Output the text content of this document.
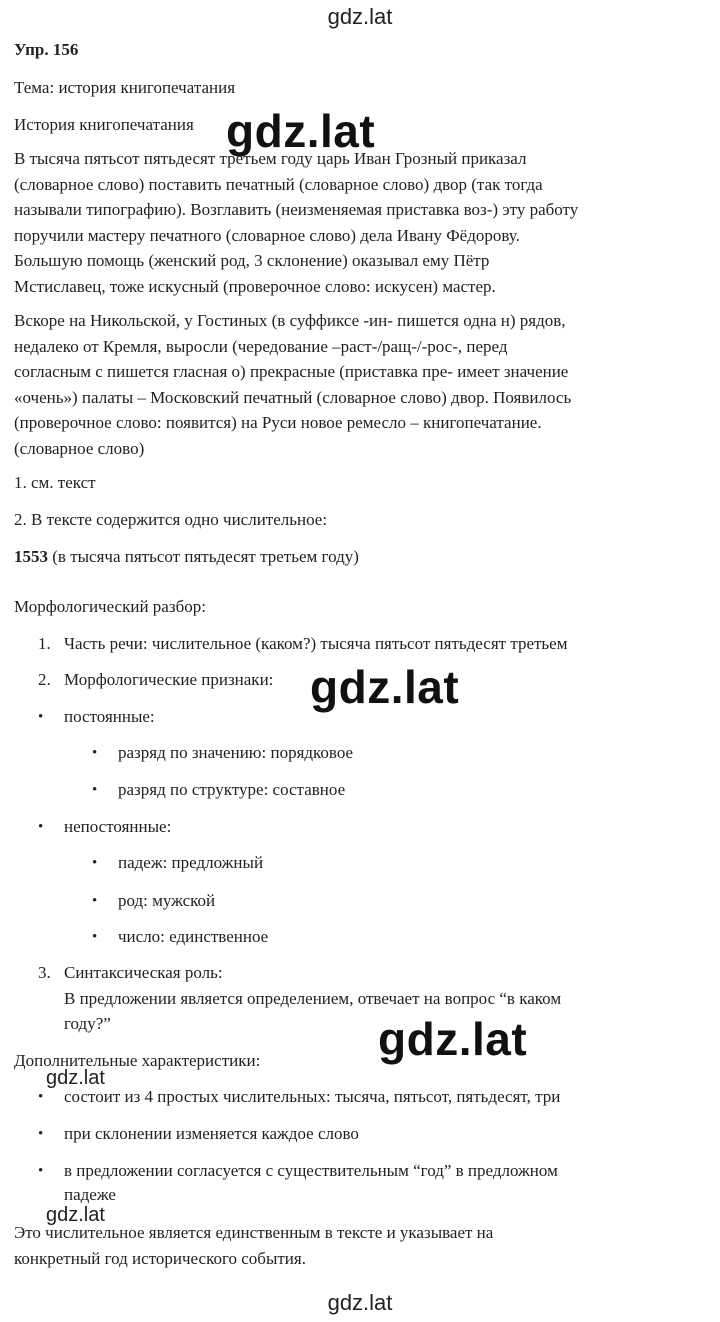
gdz.lat
Упр. 156
Тема: история книгопечатания
История книгопечатания
В тысяча пятьсот пятьдесят третьем году царь Иван Грозный приказал
(словарное слово) поставить печатный (словарное слово) двор (так тогда
называли типографию). Возглавить (неизменяемая приставка воз-) эту работу
поручили мастеру печатного (словарное слово) дела Ивану Фёдорову.
Большую помощь (женский род, 3 склонение) оказывал ему Пётр
Мстиславец, тоже искусный (проверочное слово: искусен) мастер.
Вскоре на Никольской, у Гостиных (в суффиксе -ин- пишется одна н) рядов,
недалеко от Кремля, выросли (чередование –раст-/ращ-/-рос-, перед
согласным с пишется гласная о) прекрасные (приставка пре- имеет значение
«очень») палаты – Московский печатный (словарное слово) двор. Появилось
(проверочное слово: появится) на Руси новое ремесло – книгопечатание.
(словарное слово)
1. см. текст
2. В тексте содержится одно числительное:
1553 (в тысяча пятьсот пятьдесят третьем году)
Морфологический разбор:
1. Часть речи: числительное (каком?) тысяча пятьсот пятьдесят третьем
2. Морфологические признаки:
• постоянные:
• разряд по значению: порядковое
• разряд по структуре: составное
• непостоянные:
• падеж: предложный
• род: мужской
• число: единственное
3. Синтаксическая роль:
В предложении является определением, отвечает на вопрос “в каком
году?”
Дополнительные характеристики:
• состоит из 4 простых числительных: тысяча, пятьсот, пятьдесят, три
• при склонении изменяется каждое слово
• в предложении согласуется с существительным “год” в предложном
падеже
Это числительное является единственным в тексте и указывает на
конкретный год исторического события.
gdz.lat
gdz.lat
gdz.lat
gdz.lat
gdz.lat
gdz.lat
